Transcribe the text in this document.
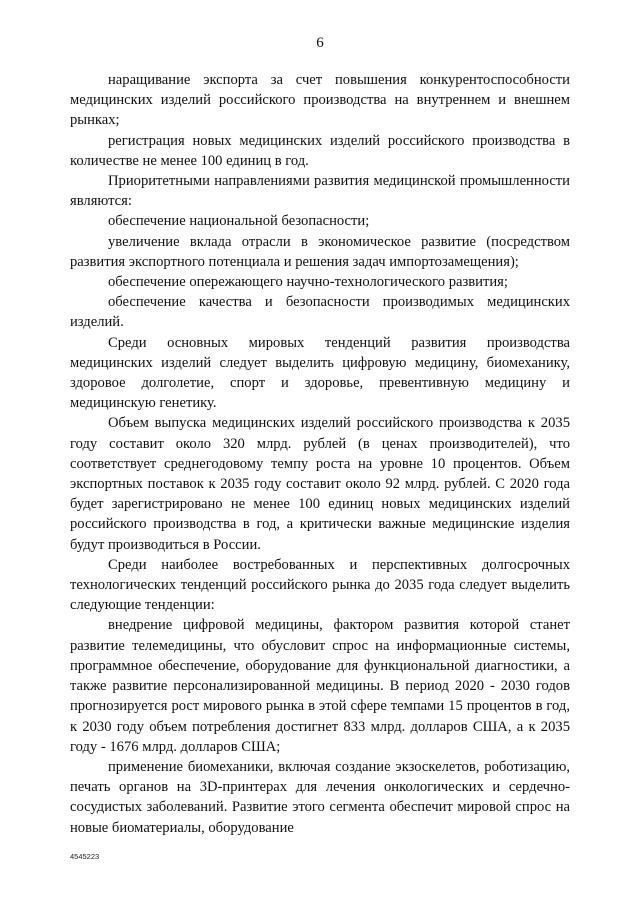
6

наращивание экспорта за счет повышения конкурентоспособности медицинских изделий российского производства на внутреннем и внешнем рынках;

регистрация новых медицинских изделий российского производства в количестве не менее 100 единиц в год.

Приоритетными направлениями развития медицинской промышленности являются:

обеспечение национальной безопасности;

увеличение вклада отрасли в экономическое развитие (посредством развития экспортного потенциала и решения задач импортозамещения);

обеспечение опережающего научно-технологического развития;

обеспечение качества и безопасности производимых медицинских изделий.

Среди основных мировых тенденций развития производства медицинских изделий следует выделить цифровую медицину, биомеханику, здоровое долголетие, спорт и здоровье, превентивную медицину и медицинскую генетику.

Объем выпуска медицинских изделий российского производства к 2035 году составит около 320 млрд. рублей (в ценах производителей), что соответствует среднегодовому темпу роста на уровне 10 процентов. Объем экспортных поставок к 2035 году составит около 92 млрд. рублей. С 2020 года будет зарегистрировано не менее 100 единиц новых медицинских изделий российского производства в год, а критически важные медицинские изделия будут производиться в России.

Среди наиболее востребованных и перспективных долгосрочных технологических тенденций российского рынка до 2035 года следует выделить следующие тенденции:

внедрение цифровой медицины, фактором развития которой станет развитие телемедицины, что обусловит спрос на информационные системы, программное обеспечение, оборудование для функциональной диагностики, а также развитие персонализированной медицины. В период 2020 - 2030 годов прогнозируется рост мирового рынка в этой сфере темпами 15 процентов в год, к 2030 году объем потребления достигнет 833 млрд. долларов США, а к 2035 году - 1676 млрд. долларов США;

применение биомеханики, включая создание экзоскелетов, роботизацию, печать органов на 3D-принтерах для лечения онкологических и сердечно-сосудистых заболеваний. Развитие этого сегмента обеспечит мировой спрос на новые биоматериалы, оборудование

4545223
